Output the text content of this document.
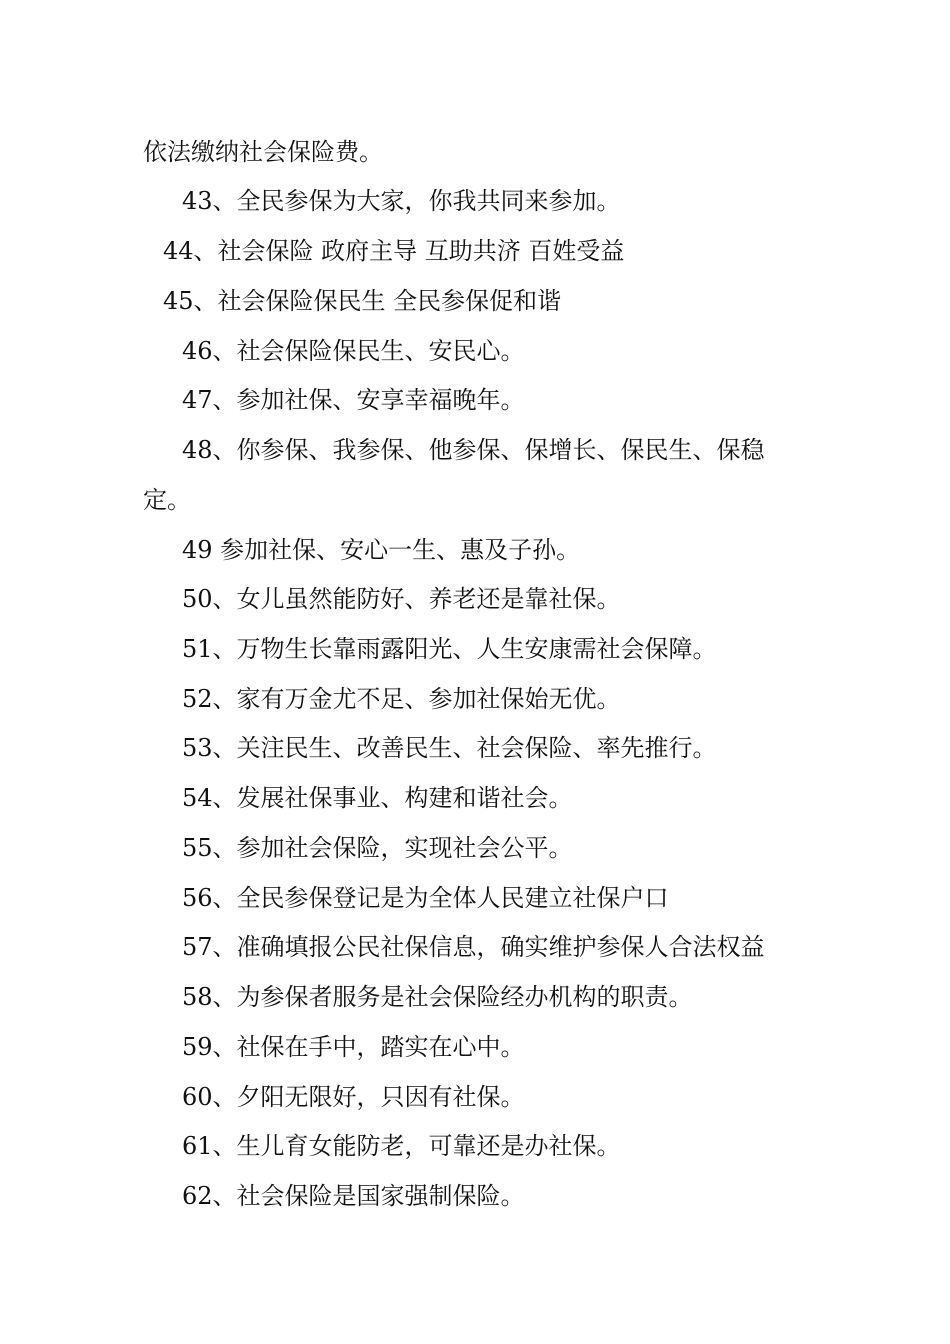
依法缴纳社会保险费。
43、全民参保为大家，你我共同来参加。
44、社会保险 政府主导 互助共济 百姓受益
45、社会保险保民生 全民参保促和谐
46、社会保险保民生、安民心。
47、参加社保、安享幸福晚年。
48、你参保、我参保、他参保、保增长、保民生、保稳
定。
49 参加社保、安心一生、惠及子孙。
50、女儿虽然能防好、养老还是靠社保。
51、万物生长靠雨露阳光、人生安康需社会保障。
52、家有万金尤不足、参加社保始无优。
53、关注民生、改善民生、社会保险、率先推行。
54、发展社保事业、构建和谐社会。
55、参加社会保险，实现社会公平。
56、全民参保登记是为全体人民建立社保户口
57、准确填报公民社保信息，确实维护参保人合法权益
58、为参保者服务是社会保险经办机构的职责。
59、社保在手中，踏实在心中。
60、夕阳无限好，只因有社保。
61、生儿育女能防老，可靠还是办社保。
62、社会保险是国家强制保险。
